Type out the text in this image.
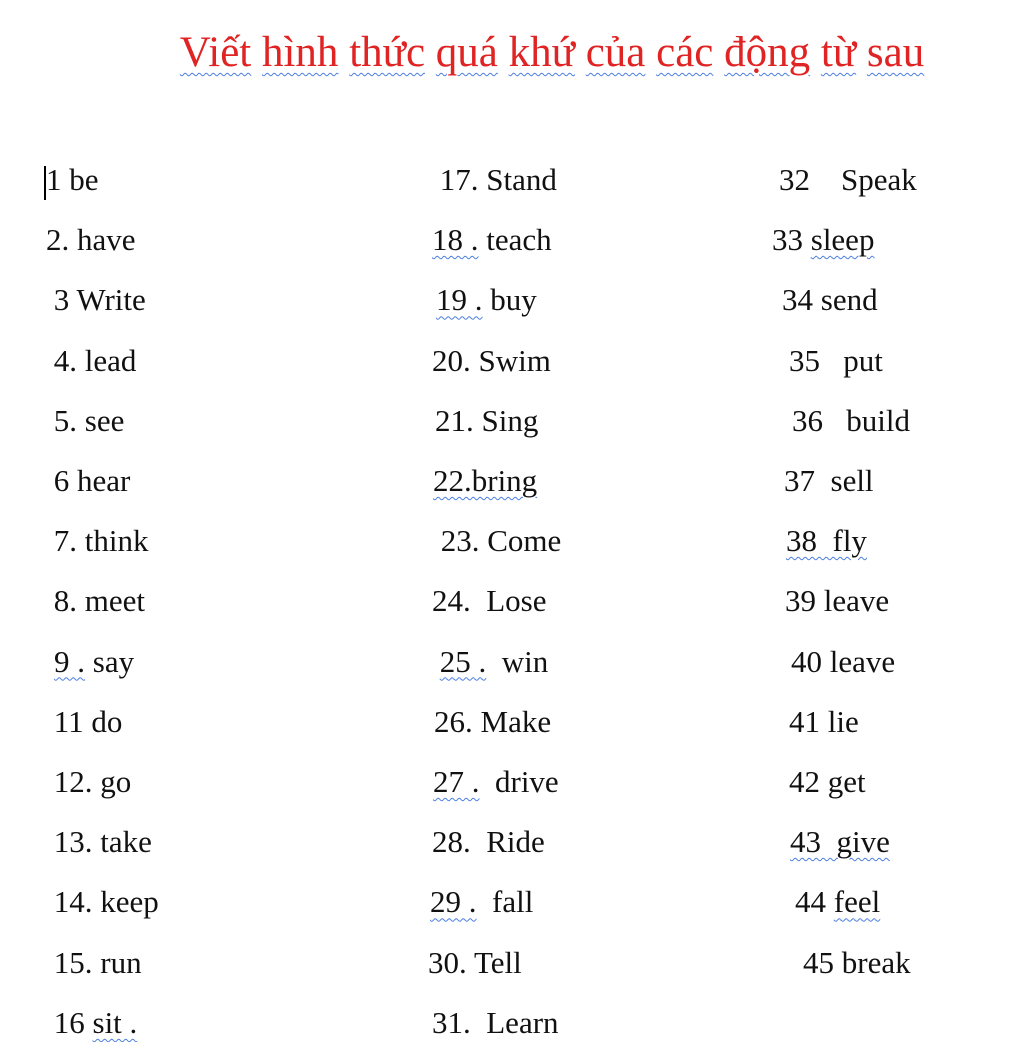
Viết hình thức quá khứ của các động từ sau
1 be
2. have
3 Write
4. lead
5. see
6 hear
7. think
8. meet
9 . say
11 do
12. go
13. take
14. keep
15. run
16 sit .
17. Stand
18 . teach
19 . buy
20. Swim
21. Sing
22.bring
23. Come
24.  Lose
25 .  win
26. Make
27 .  drive
28.  Ride
29 .  fall
30. Tell
31.  Learn
32    Speak
33 sleep
34 send
35   put
36   build
37  sell
38  fly
39 leave
40 leave
41 lie
42 get
43  give
44 feel
45 break
